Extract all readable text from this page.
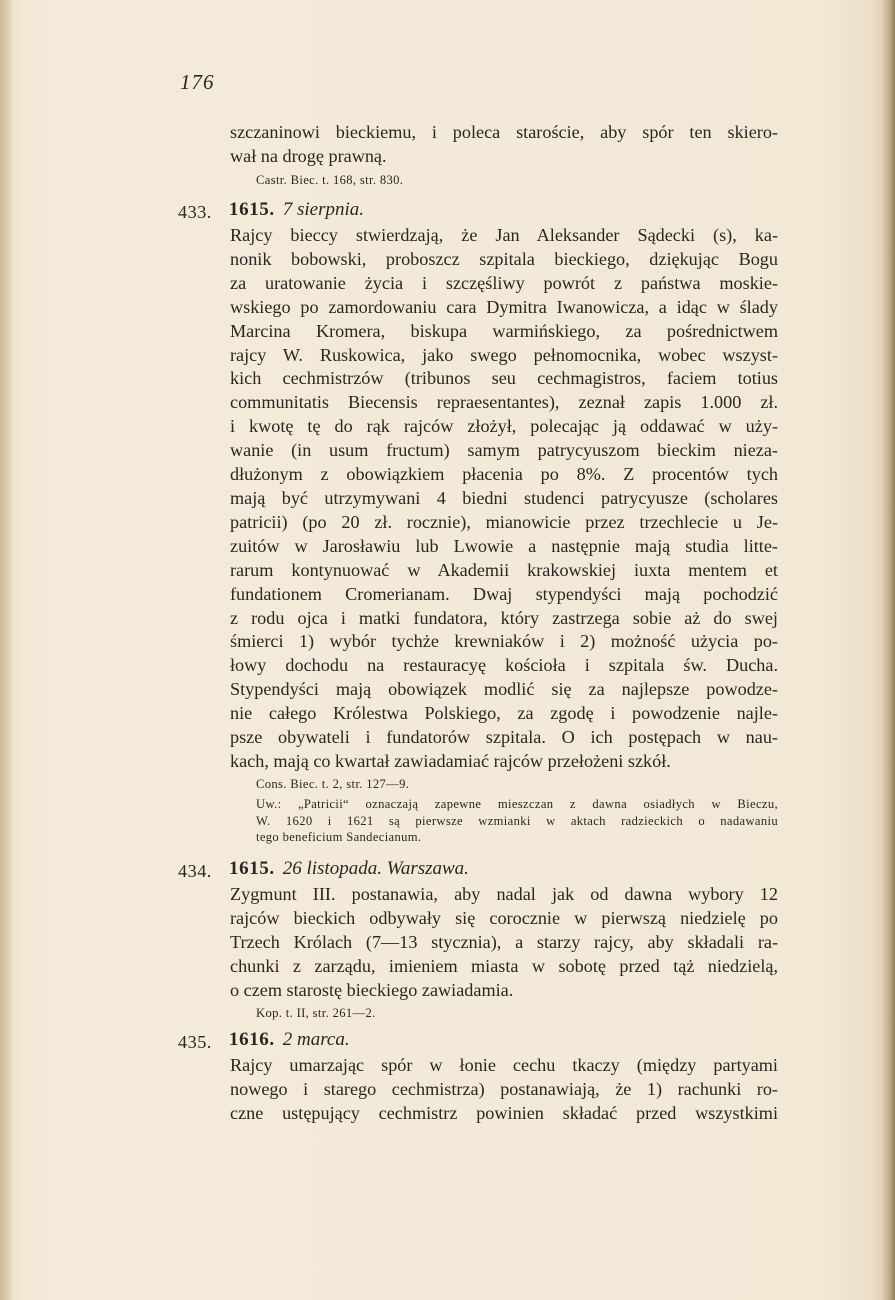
176
szczaninowi bieckiemu, i poleca staroście, aby spór ten skiero-
wał na drogę prawną.
Castr. Biec. t. 168, str. 830.
433. 1615. 7 sierpnia.
Rajcy bieccy stwierdzają, że Jan Aleksander Sądecki (s), ka-
nonik bobowski, proboszcz szpitala bieckiego, dziękując Bogu
za uratowanie życia i szczęśliwy powrót z państwa moskie-
wskiego po zamordowaniu cara Dymitra Iwanowicza, a idąc w ślady
Marcina Kromera, biskupa warmińskiego, za pośrednictwem
rajcy W. Ruskowica, jako swego pełnomocnika, wobec wszyst-
kich cechmistrzów (tribunos seu cechmagistros, faciem totius
communitatis Biecensis repraesentantes), zeznał zapis 1.000 zł.
i kwotę tę do rąk rajców złożył, polecając ją oddawać w uży-
wanie (in usum fructum) samym patrycyuszom bieckim nieza-
dłużonym z obowiązkiem płacenia po 8%. Z procentów tych
mają być utrzymywani 4 biedni studenci patrycyusze (scholares
patricii) (po 20 zł. rocznie), mianowicie przez trzechlecie u Je-
zuitów w Jarosławiu lub Lwowie a następnie mają studia litte-
rarum kontynuować w Akademii krakowskiej iuxta mentem et
fundationem Cromerianam. Dwaj stypendyści mają pochodzić
z rodu ojca i matki fundatora, który zastrzega sobie aż do swej
śmierci 1) wybór tychże krewniaków i 2) możność użycia po-
łowy dochodu na restauracyę kościoła i szpitala św. Ducha.
Stypendyści mają obowiązek modlić się za najlepsze powodze-
nie całego Królestwa Polskiego, za zgodę i powodzenie najle-
psze obywateli i fundatorów szpitala. O ich postępach w nau-
kach, mają co kwartał zawiadamiać rajców przełożeni szkół.
Cons. Biec. t. 2, str. 127—9.
Uw.: „Patricii“ oznaczają zapewne mieszczan z dawna osiadłych w Bieczu,
W. 1620 i 1621 są pierwsze wzmianki w aktach radzieckich o nadawaniu
tego beneficium Sandecianum.
434. 1615. 26 listopada. Warszawa.
Zygmunt III. postanawia, aby nadal jak od dawna wybory 12
rajców bieckich odbywały się corocznie w pierwszą niedzielę po
Trzech Królach (7—13 stycznia), a starzy rajcy, aby składali ra-
chunki z zarządu, imieniem miasta w sobotę przed tąż niedzielą,
o czem starostę bieckiego zawiadamia.
Kop. t. II, str. 261—2.
435. 1616. 2 marca.
Rajcy umarzając spór w łonie cechu tkaczy (między partyami
nowego i starego cechmistrza) postanawiają, że 1) rachunki ro-
czne ustępujący cechmistrz powinien składać przed wszystkimi
